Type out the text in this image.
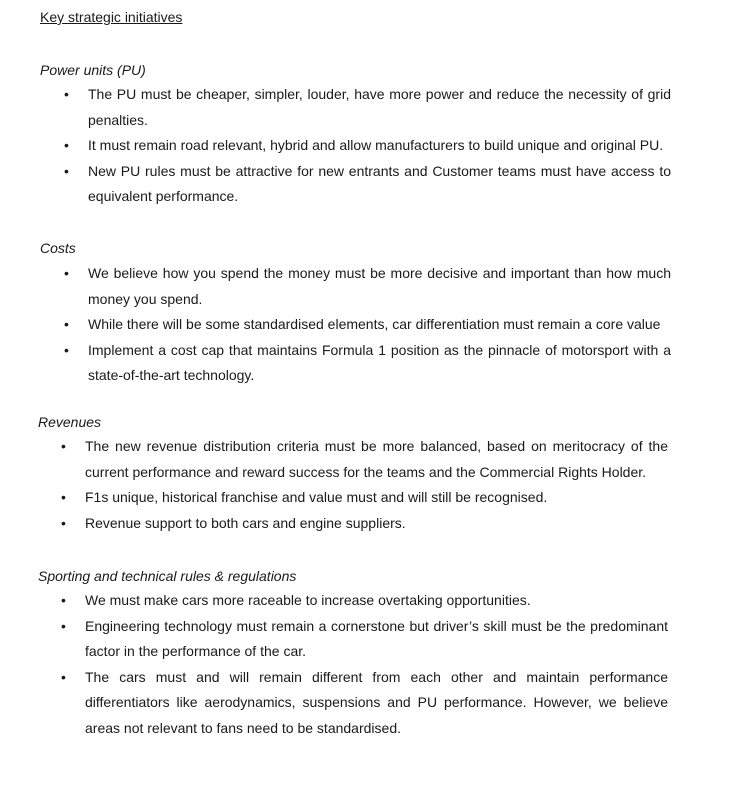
Key strategic initiatives
Power units (PU)
• The PU must be cheaper, simpler, louder, have more power and reduce the necessity of grid penalties.
• It must remain road relevant, hybrid and allow manufacturers to build unique and original PU.
• New PU rules must be attractive for new entrants and Customer teams must have access to equivalent performance.
Costs
• We believe how you spend the money must be more decisive and important than how much money you spend.
• While there will be some standardised elements, car differentiation must remain a core value
• Implement a cost cap that maintains Formula 1 position as the pinnacle of motorsport with a state-of-the-art technology.
Revenues
• The new revenue distribution criteria must be more balanced, based on meritocracy of the current performance and reward success for the teams and the Commercial Rights Holder.
• F1s unique, historical franchise and value must and will still be recognised.
• Revenue support to both cars and engine suppliers.
Sporting and technical rules & regulations
• We must make cars more raceable to increase overtaking opportunities.
• Engineering technology must remain a cornerstone but driver’s skill must be the predominant factor in the performance of the car.
• The cars must and will remain different from each other and maintain performance differentiators like aerodynamics, suspensions and PU performance. However, we believe areas not relevant to fans need to be standardised.
